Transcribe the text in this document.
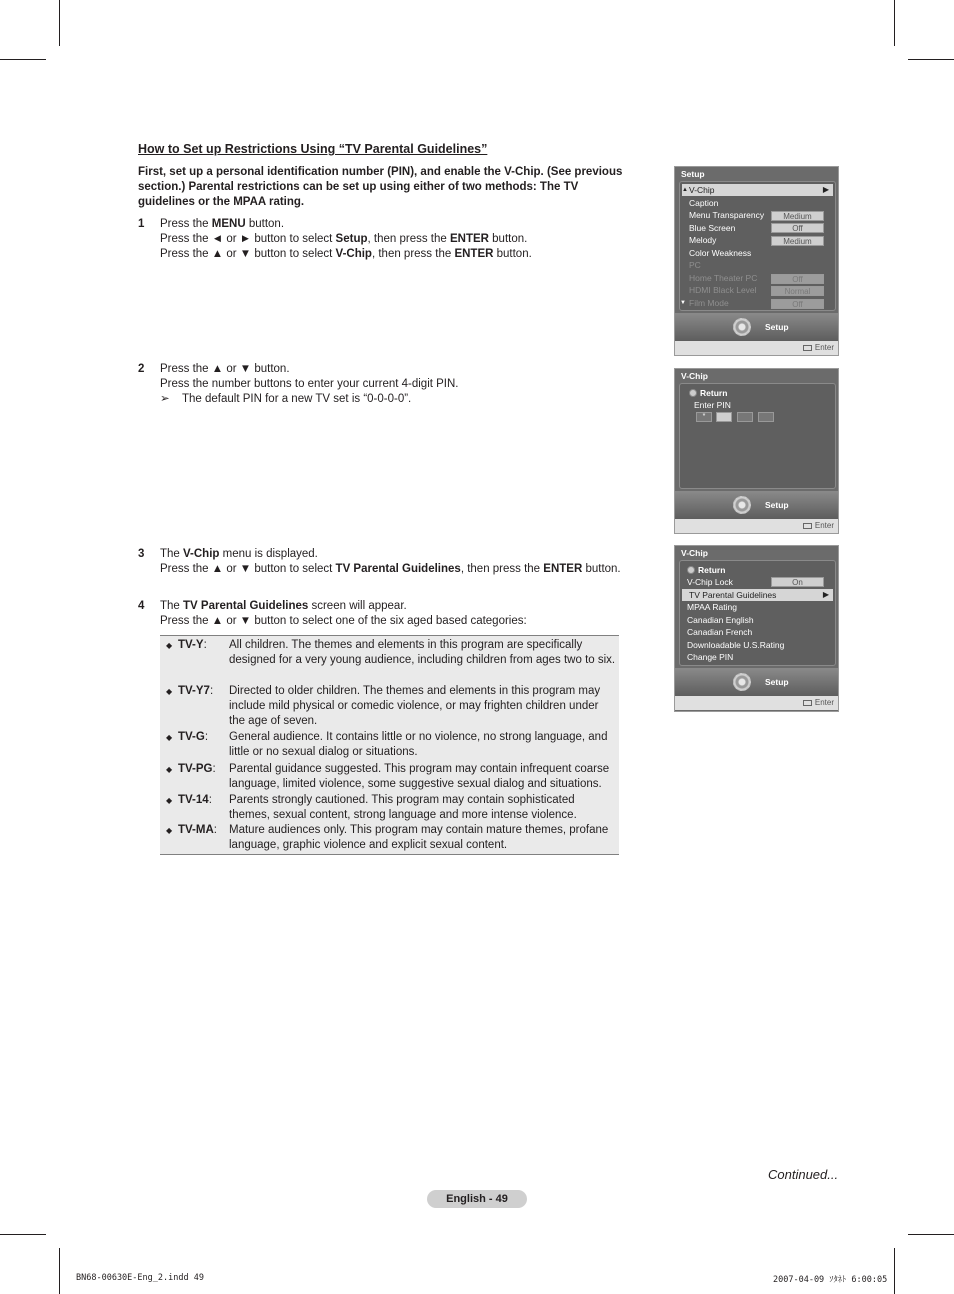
How to Set up Restrictions Using “TV Parental Guidelines”
First, set up a personal identification number (PIN), and enable the V-Chip. (See previous section.) Parental restrictions can be set up using either of two methods: The TV guidelines or the MPAA rating.
1 Press the MENU button.
Press the ◄ or ► button to select Setup, then press the ENTER button.
Press the ▲ or ▼ button to select V-Chip, then press the ENTER button.
2 Press the ▲ or ▼ button.
Press the number buttons to enter your current 4-digit PIN.
➢ The default PIN for a new TV set is “0-0-0-0”.
3 The V-Chip menu is displayed.
Press the ▲ or ▼ button to select TV Parental Guidelines, then press the ENTER button.
4 The TV Parental Guidelines screen will appear.
Press the ▲ or ▼ button to select one of the six aged based categories:
◆ TV-Y: All children. The themes and elements in this program are specifically designed for a very young audience, including children from ages two to six.
◆ TV-Y7: Directed to older children. The themes and elements in this program may include mild physical or comedic violence, or may frighten children under the age of seven.
◆ TV-G: General audience. It contains little or no violence, no strong language, and little or no sexual dialog or situations.
◆ TV-PG: Parental guidance suggested. This program may contain infrequent coarse language, limited violence, some suggestive sexual dialog and situations.
◆ TV-14: Parents strongly cautioned. This program may contain sophisticated themes, sexual content, strong language and more intense violence.
◆ TV-MA: Mature audiences only. This program may contain mature themes, profane language, graphic violence and explicit sexual content.
Setup
▲ V-Chip	▶
Caption
Menu Transparency	Medium
Blue Screen	Off
Melody	Medium
Color Weakness
PC
Home Theater PC	Off
HDMI Black Level	Normal
▼ Film Mode	Off
Setup
Enter
V-Chip
Return
Enter PIN
*
Setup
Enter
V-Chip
Return
V-Chip Lock	On
TV Parental Guidelines	▶
MPAA Rating
Canadian English
Canadian French
Downloadable U.S.Rating
Change PIN
Setup
Enter
Continued...
English - 49
BN68-00630E-Eng_2.indd 49	2007-04-09 ｿﾀﾈﾄ 6:00:05
